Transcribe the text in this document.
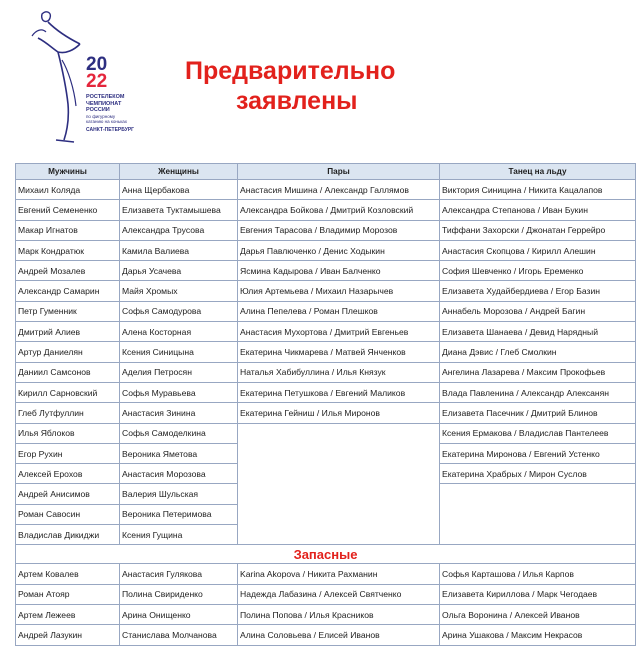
20
22
РОСТЕЛЕКОМ
ЧЕМПИОНАТ
РОССИИ
по фигурному
катанию на коньках
САНКТ-ПЕТЕРБУРГ
Предварительно
заявлены
Мужчины	Женщины	Пары	Танец на льду
Михаил Коляда	Анна Щербакова	Анастасия Мишина / Александр Галлямов	Виктория Синицина / Никита Кацалапов
Евгений Семененко	Елизавета Туктамышева	Александра Бойкова / Дмитрий Козловский	Александра Степанова / Иван Букин
Макар Игнатов	Александра Трусова	Евгения Тарасова / Владимир Морозов	Тиффани Захорски / Джонатан Геррейро
Марк Кондратюк	Камила Валиева	Дарья Павлюченко / Денис Ходыкин	Анастасия Скопцова / Кирилл Алешин
Андрей Мозалев	Дарья Усачева	Ясмина Кадырова / Иван Балченко	София Шевченко / Игорь Еременко
Александр Самарин	Майя Хромых	Юлия Артемьева / Михаил Назарычев	Елизавета Худайбердиева / Егор Базин
Петр Гуменник	Софья Самодурова	Алина Пепелева / Роман Плешков	Аннабель Морозова / Андрей Багин
Дмитрий Алиев	Алена Косторная	Анастасия Мухортова / Дмитрий Евгеньев	Елизавета Шанаева / Девид Нарядный
Артур Даниелян	Ксения Синицына	Екатерина Чикмарева / Матвей Янченков	Диана Дэвис / Глеб Смолкин
Даниил Самсонов	Аделия Петросян	Наталья Хабибуллина / Илья Князук	Ангелина Лазарева / Максим Прокофьев
Кирилл Сарновский	Софья Муравьева	Екатерина Петушкова / Евгений Маликов	Влада Павленина / Александр Алексанян
Глеб Лутфуллин	Анастасия Зинина	Екатерина Гейниш / Илья Миронов	Елизавета Пасечник / Дмитрий Блинов
Илья Яблоков	Софья Самоделкина		Ксения Ермакова / Владислав Пантелеев
Егор Рухин	Вероника Яметова		Екатерина Миронова / Евгений Устенко
Алексей Ерохов	Анастасия Морозова		Екатерина Храбрых / Мирон Суслов
Андрей Анисимов	Валерия Шульская		
Роман Савосин	Вероника Петеримова		
Владислав Дикиджи	Ксения Гущина		
Запасные			
Артем Ковалев	Анастасия Гулякова	Karina Akopova / Никита Рахманин	Софья Карташова / Илья Карпов
Роман Атояр	Полина Свириденко	Надежда Лабазина / Алексей Святченко	Елизавета Кириллова / Марк Чегодаев
Артем Лежеев	Арина Онищенко	Полина Попова / Илья Красников	Ольга Воронина / Алексей Иванов
Андрей Лазукин	Станислава Молчанова	Алина Соловьева / Елисей Иванов	Арина Ушакова / Максим Некрасов
